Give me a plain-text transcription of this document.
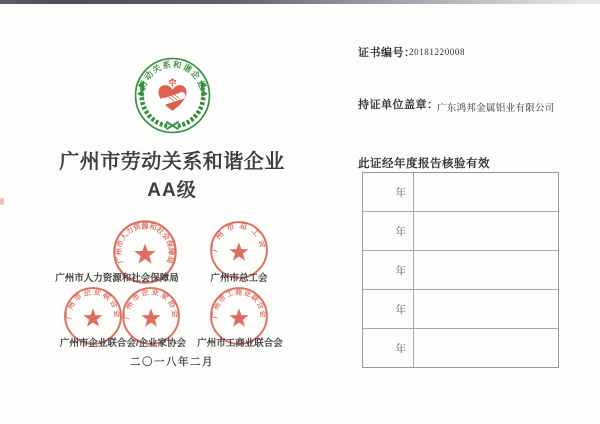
劳动关系和谐企业
广州市劳动关系和谐企业
AA级
广州市人力资源和社会保障局
广州市总工会
广州市企业联合会 广州市企业家协会	广州市工商业联合会
广州市人力资源和社会保障局	广州市总工会
广州市企业联合会/企业家协会	广州市工商业联合会
二〇一八年二月
证书编号：
20181220008
持证单位盖章：
广东鸿邦金属铝业有限公司
此证经年度报告核验有效
年
年
年
年
年
